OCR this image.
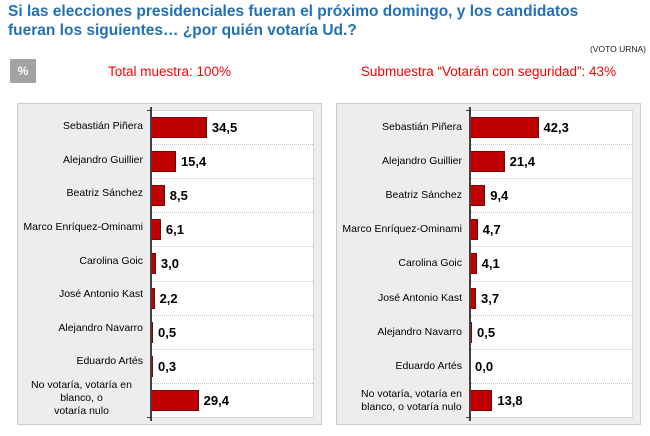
Si las elecciones presidenciales fueran el próximo domingo, y los candidatos fueran los siguientes… ¿por quién votaría Ud.?
(VOTO URNA)
%	Total muestra: 100%	Submuestra “Votarán con seguridad”: 43%
Sebastián Piñera
Alejandro Guillier
Beatriz Sánchez
Marco Enríquez-Ominami
Carolina Goic
José Antonio Kast
Alejandro Navarro
Eduardo Artés
No votaría, votaría en blanco, o
votaría nulo
34,5
15,4
8,5
6,1
3,0
2,2
0,5
0,3
29,4
Sebastián Piñera
Alejandro Guillier
Beatriz Sánchez
Marco Enríquez-Ominami
Carolina Goic
José Antonio Kast
Alejandro Navarro
Eduardo Artés
No votaría, votaría en
blanco, o votaría nulo
42,3
21,4
9,4
4,7
4,1
3,7
0,5
0,0
13,8
